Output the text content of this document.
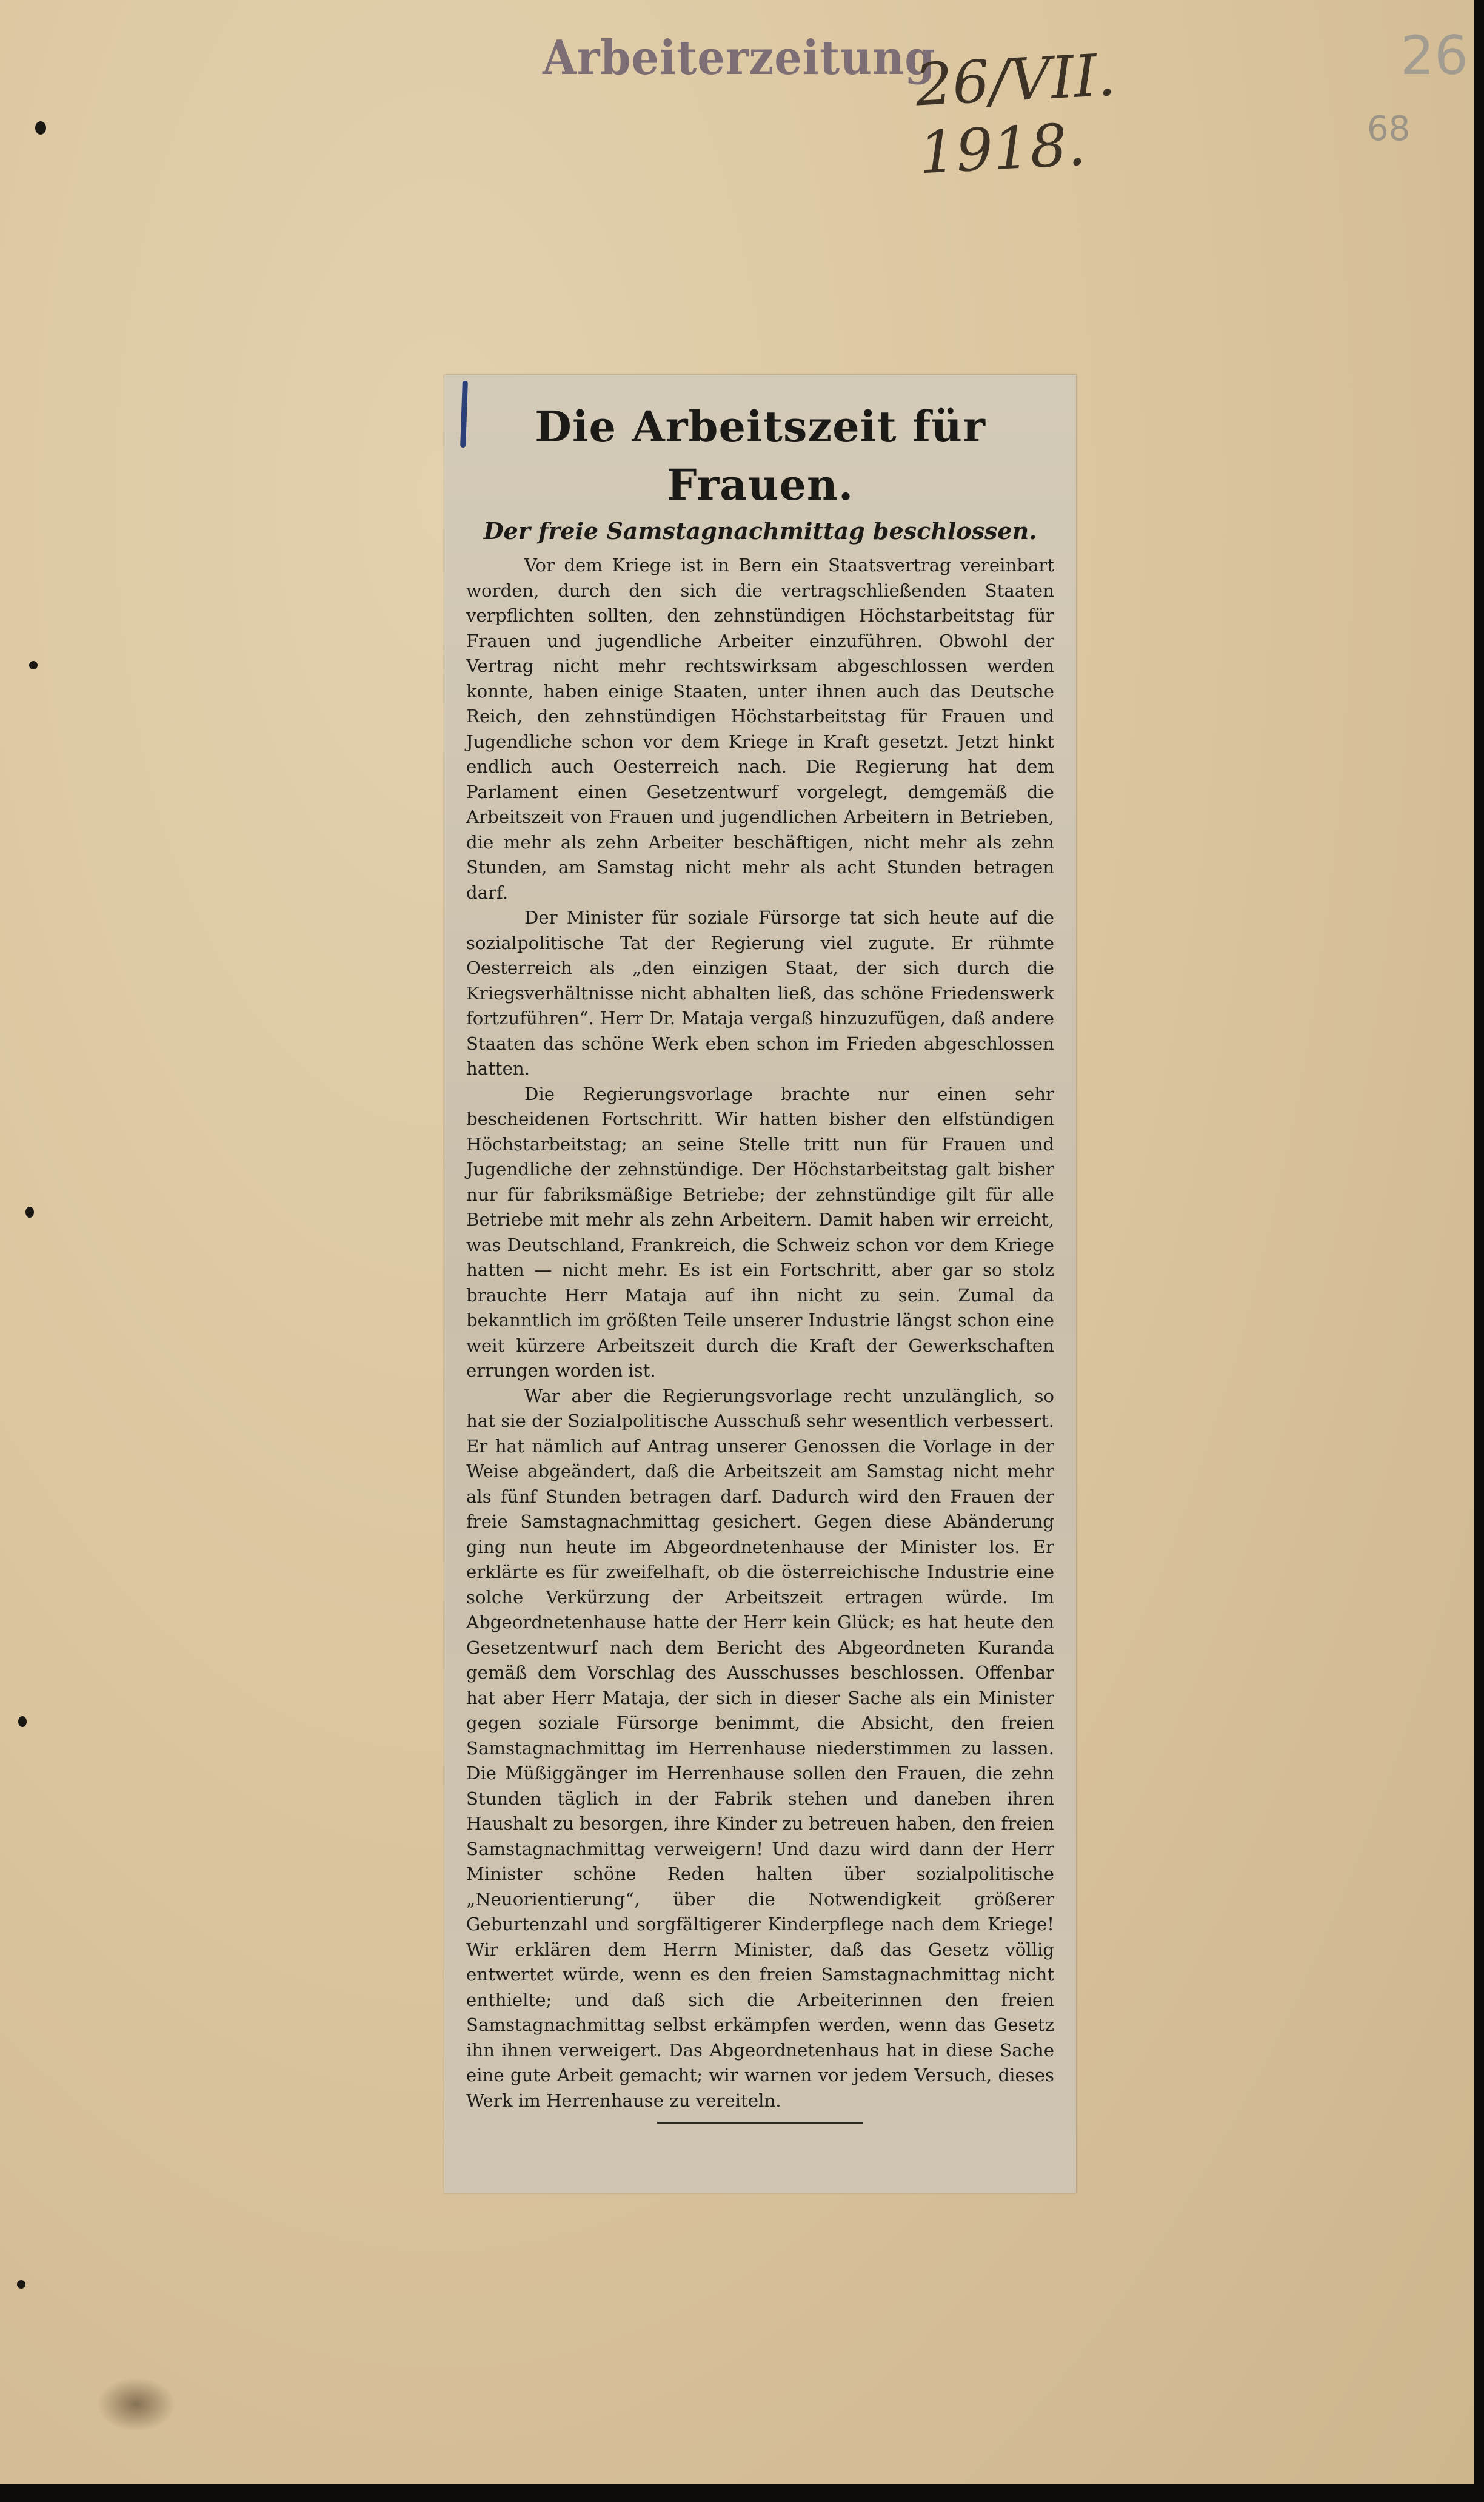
Arbeiterzeitung
26/VII. 1918.
26
68
Die Arbeitszeit für Frauen.
Der freie Samstagnachmittag beschlossen.

Vor dem Kriege ist in Bern ein Staatsvertrag vereinbart worden, durch den sich die vertragschließenden Staaten verpflichten sollten, den zehnstündigen Höchstarbeitstag für Frauen und jugendliche Arbeiter einzuführen. Obwohl der Vertrag nicht mehr rechtswirksam abgeschlossen werden konnte, haben einige Staaten, unter ihnen auch das Deutsche Reich, den zehnstündigen Höchstarbeitstag für Frauen und Jugendliche schon vor dem Kriege in Kraft gesetzt. Jetzt hinkt endlich auch Oesterreich nach. Die Regierung hat dem Parlament einen Gesetzentwurf vorgelegt, demgemäß die Arbeitszeit von Frauen und jugendlichen Arbeitern in Betrieben, die mehr als zehn Arbeiter beschäftigen, nicht mehr als zehn Stunden, am Samstag nicht mehr als acht Stunden betragen darf.

Der Minister für soziale Fürsorge tat sich heute auf die sozialpolitische Tat der Regierung viel zugute. Er rühmte Oesterreich als „den einzigen Staat, der sich durch die Kriegsverhältnisse nicht abhalten ließ, das schöne Friedenswerk fortzuführen“. Herr Dr. Mataja vergaß hinzuzufügen, daß andere Staaten das schöne Werk eben schon im Frieden abgeschlossen hatten.

Die Regierungsvorlage brachte nur einen sehr bescheidenen Fortschritt. Wir hatten bisher den elfstündigen Höchstarbeitstag; an seine Stelle tritt nun für Frauen und Jugendliche der zehnstündige. Der Höchstarbeitstag galt bisher nur für fabriksmäßige Betriebe; der zehnstündige gilt für alle Betriebe mit mehr als zehn Arbeitern. Damit haben wir erreicht, was Deutschland, Frankreich, die Schweiz schon vor dem Kriege hatten — nicht mehr. Es ist ein Fortschritt, aber gar so stolz brauchte Herr Mataja auf ihn nicht zu sein. Zumal da bekanntlich im größten Teile unserer Industrie längst schon eine weit kürzere Arbeitszeit durch die Kraft der Gewerkschaften errungen worden ist.

War aber die Regierungsvorlage recht unzulänglich, so hat sie der Sozialpolitische Ausschuß sehr wesentlich verbessert. Er hat nämlich auf Antrag unserer Genossen die Vorlage in der Weise abgeändert, daß die Arbeitszeit am Samstag nicht mehr als fünf Stunden betragen darf. Dadurch wird den Frauen der freie Samstagnachmittag gesichert. Gegen diese Abänderung ging nun heute im Abgeordnetenhause der Minister los. Er erklärte es für zweifelhaft, ob die österreichische Industrie eine solche Verkürzung der Arbeitszeit ertragen würde. Im Abgeordnetenhause hatte der Herr kein Glück; es hat heute den Gesetzentwurf nach dem Bericht des Abgeordneten Kuranda gemäß dem Vorschlag des Ausschusses beschlossen. Offenbar hat aber Herr Mataja, der sich in dieser Sache als ein Minister gegen soziale Fürsorge benimmt, die Absicht, den freien Samstagnachmittag im Herrenhause niederstimmen zu lassen. Die Müßiggänger im Herrenhause sollen den Frauen, die zehn Stunden täglich in der Fabrik stehen und daneben ihren Haushalt zu besorgen, ihre Kinder zu betreuen haben, den freien Samstagnachmittag verweigern! Und dazu wird dann der Herr Minister schöne Reden halten über sozialpolitische „Neuorientierung“, über die Notwendigkeit größerer Geburtenzahl und sorgfältigerer Kinderpflege nach dem Kriege! Wir erklären dem Herrn Minister, daß das Gesetz völlig entwertet würde, wenn es den freien Samstagnachmittag nicht enthielte; und daß sich die Arbeiterinnen den freien Samstagnachmittag selbst erkämpfen werden, wenn das Gesetz ihn ihnen verweigert. Das Abgeordnetenhaus hat in diese Sache eine gute Arbeit gemacht; wir warnen vor jedem Versuch, dieses Werk im Herrenhause zu vereiteln.
